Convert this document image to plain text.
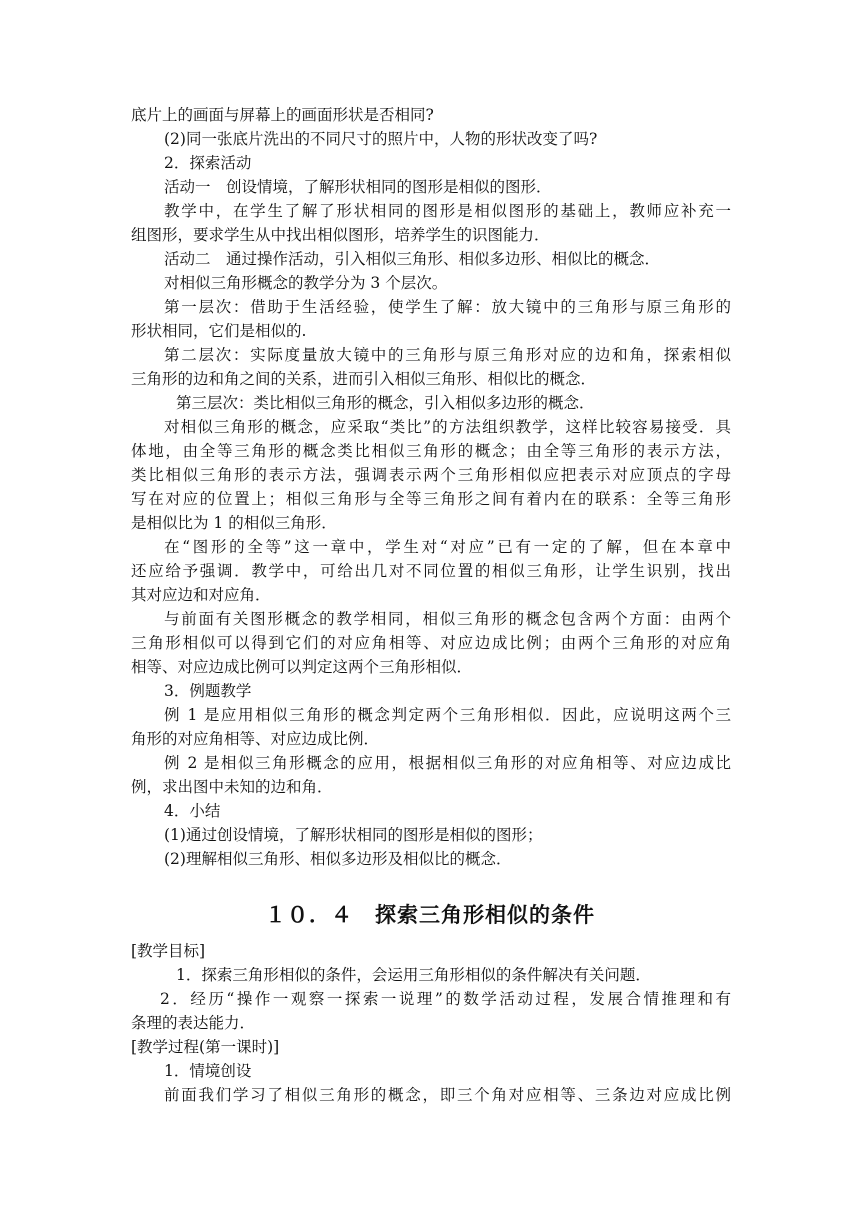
底片上的画面与屏幕上的画面形状是否相同?
(2)同一张底片洗出的不同尺寸的照片中，人物的形状改变了吗?
2．探索活动
活动一　创设情境，了解形状相同的图形是相似的图形．
教学中，在学生了解了形状相同的图形是相似图形的基础上，教师应补充一
组图形，要求学生从中找出相似图形，培养学生的识图能力．
活动二　通过操作活动，引入相似三角形、相似多边形、相似比的概念．
对相似三角形概念的教学分为 3 个层次。
第一层次：借助于生活经验，使学生了解：放大镜中的三角形与原三角形的
形状相同，它们是相似的.
第二层次：实际度量放大镜中的三角形与原三角形对应的边和角，探索相似
三角形的边和角之间的关系，进而引入相似三角形、相似比的概念．
第三层次：类比相似三角形的概念，引入相似多边形的概念．
对相似三角形的概念，应采取“类比”的方法组织教学，这样比较容易接受．具
体地，由全等三角形的概念类比相似三角形的概念；由全等三角形的表示方法，
类比相似三角形的表示方法，强调表示两个三角形相似应把表示对应顶点的字母
写在对应的位置上；相似三角形与全等三角形之间有着内在的联系：全等三角形
是相似比为 1 的相似三角形．
在“图形的全等”这一章中，学生对“对应”已有一定的了解，但在本章中
还应给予强调．教学中，可给出几对不同位置的相似三角形，让学生识别，找出
其对应边和对应角．
与前面有关图形概念的教学相同，相似三角形的概念包含两个方面：由两个
三角形相似可以得到它们的对应角相等、对应边成比例；由两个三角形的对应角
相等、对应边成比例可以判定这两个三角形相似．
3．例题教学
例 1 是应用相似三角形的概念判定两个三角形相似．因此，应说明这两个三
角形的对应角相等、对应边成比例．
例 2 是相似三角形概念的应用，根据相似三角形的对应角相等、对应边成比
例，求出图中未知的边和角．
4．小结
(1)通过创设情境，了解形状相同的图形是相似的图形；
(2)理解相似三角形、相似多边形及相似比的概念．
１０．４　探索三角形相似的条件
[教学目标]
1．探索三角形相似的条件，会运用三角形相似的条件解决有关问题．
2．经历“操作一观察一探索一说理”的数学活动过程，发展合情推理和有
条理的表达能力．
[教学过程(第一课时)]
1．情境创设
前面我们学习了相似三角形的概念，即三个角对应相等、三条边对应成比例
